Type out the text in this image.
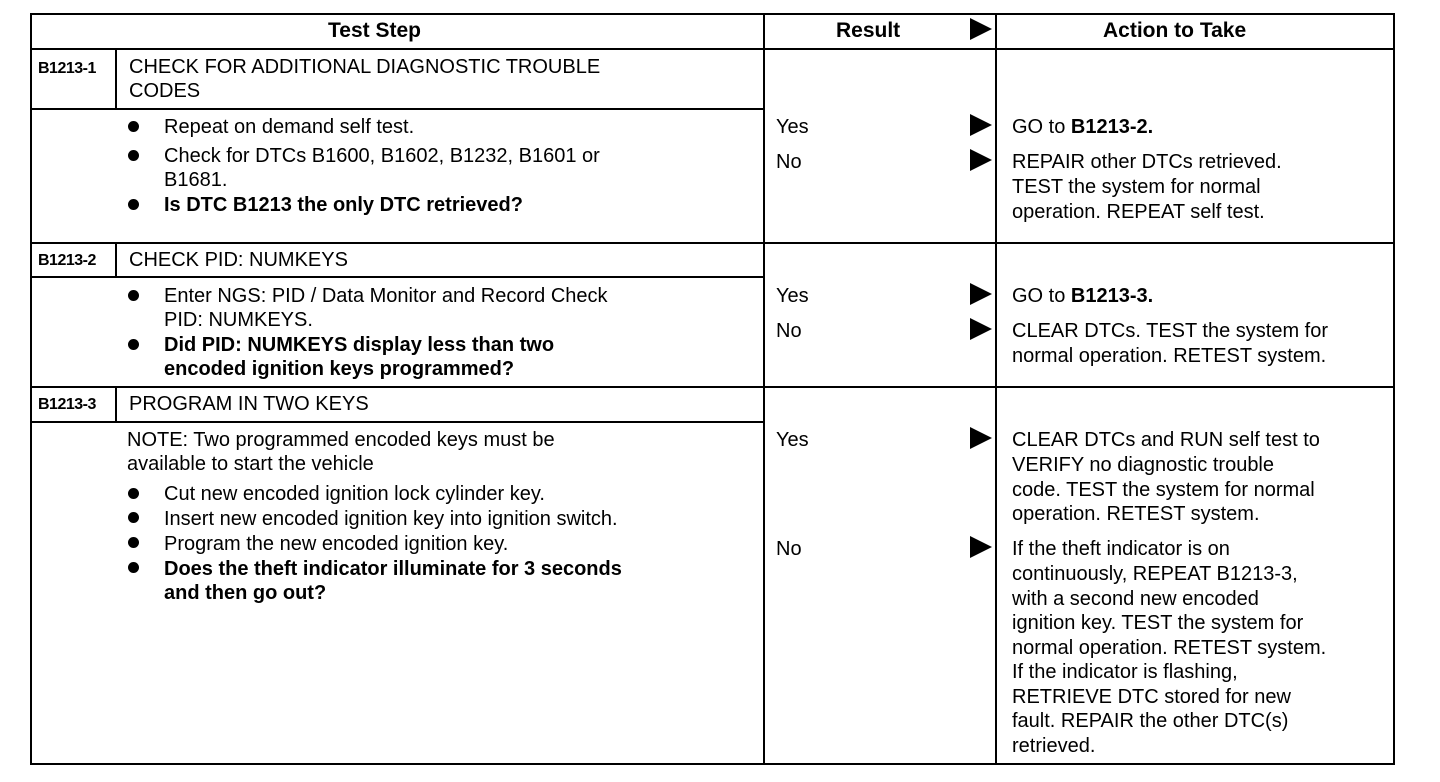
Test Step	Result	Action to Take
B1213-1 CHECK FOR ADDITIONAL DIAGNOSTIC TROUBLE
CODES
Repeat on demand self test.
Check for DTCs B1600, B1602, B1232, B1601 or
B1681.
Is DTC B1213 the only DTC retrieved?
Yes
No
GO to B1213-2.
REPAIR other DTCs retrieved.
TEST the system for normal
operation. REPEAT self test.
B1213-2 CHECK PID: NUMKEYS
Enter NGS: PID / Data Monitor and Record Check
PID: NUMKEYS.
Did PID: NUMKEYS display less than two
encoded ignition keys programmed?
Yes
No
GO to B1213-3.
CLEAR DTCs. TEST the system for
normal operation. RETEST system.
B1213-3 PROGRAM IN TWO KEYS
NOTE: Two programmed encoded keys must be
available to start the vehicle
Cut new encoded ignition lock cylinder key.
Insert new encoded ignition key into ignition switch.
Program the new encoded ignition key.
Does the theft indicator illuminate for 3 seconds
and then go out?
Yes
No
CLEAR DTCs and RUN self test to
VERIFY no diagnostic trouble
code. TEST the system for normal
operation. RETEST system.
If the theft indicator is on
continuously, REPEAT B1213-3,
with a second new encoded
ignition key. TEST the system for
normal operation. RETEST system.
If the indicator is flashing,
RETRIEVE DTC stored for new
fault. REPAIR the other DTC(s)
retrieved.
